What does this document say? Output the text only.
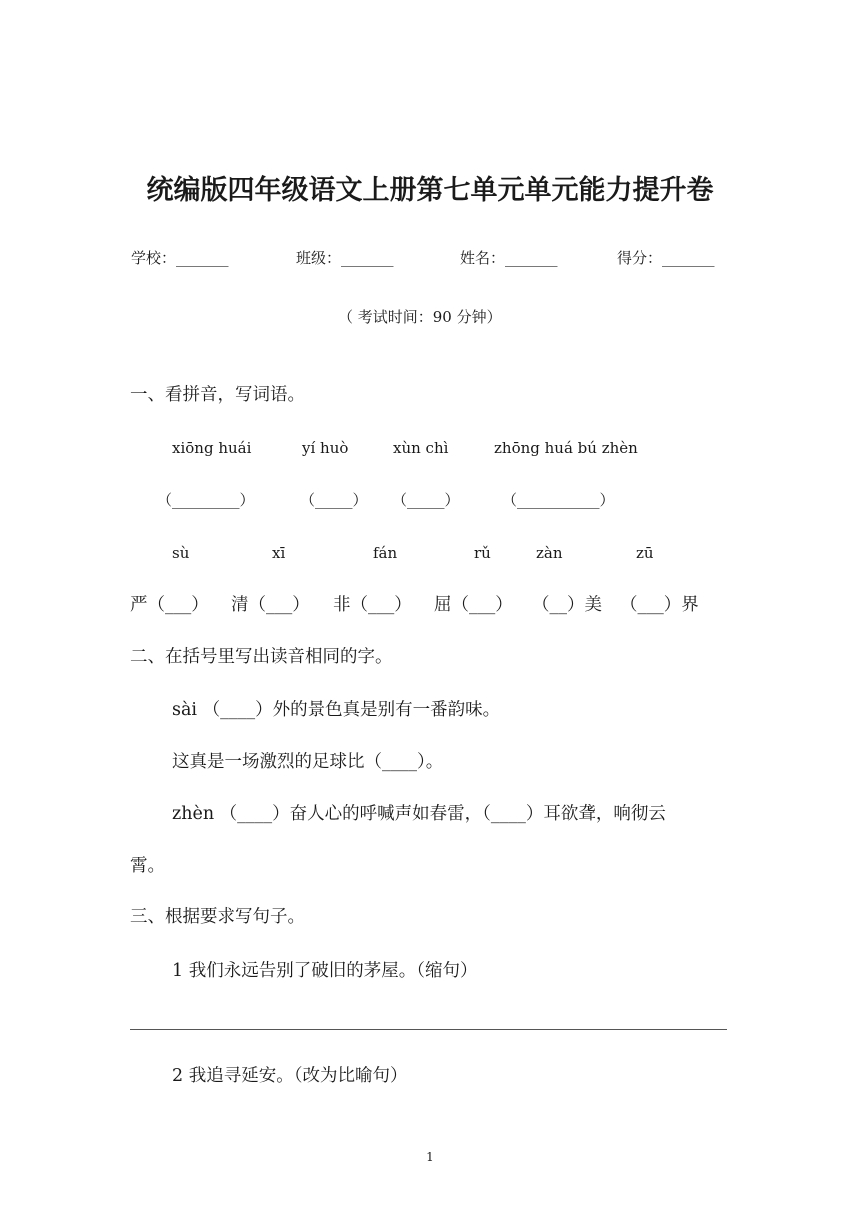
统编版四年级语文上册第七单元单元能力提升卷
学校：_______	班级：_______	姓名：_______	得分：_______
（ 考试时间：90 分钟）
一、看拼音，写词语。
xiōng huái	yí huò	xùn chì	zhōng huá bú zhèn
（_________）	（_____） （_____）	（___________）
sù	xī	fán	rǔ	zàn	zū
严（___） 清（___） 非（___） 屈（___） （__）美 （___）界
二、在括号里写出读音相同的字。
sài （____）外的景色真是别有一番韵味。
这真是一场激烈的足球比（____）。
zhèn （____）奋人心的呼喊声如春雷，（____）耳欲聋，响彻云
霄。
三、根据要求写句子。
1 我们永远告别了破旧的茅屋。（缩句）
2 我追寻延安。（改为比喻句）
1
